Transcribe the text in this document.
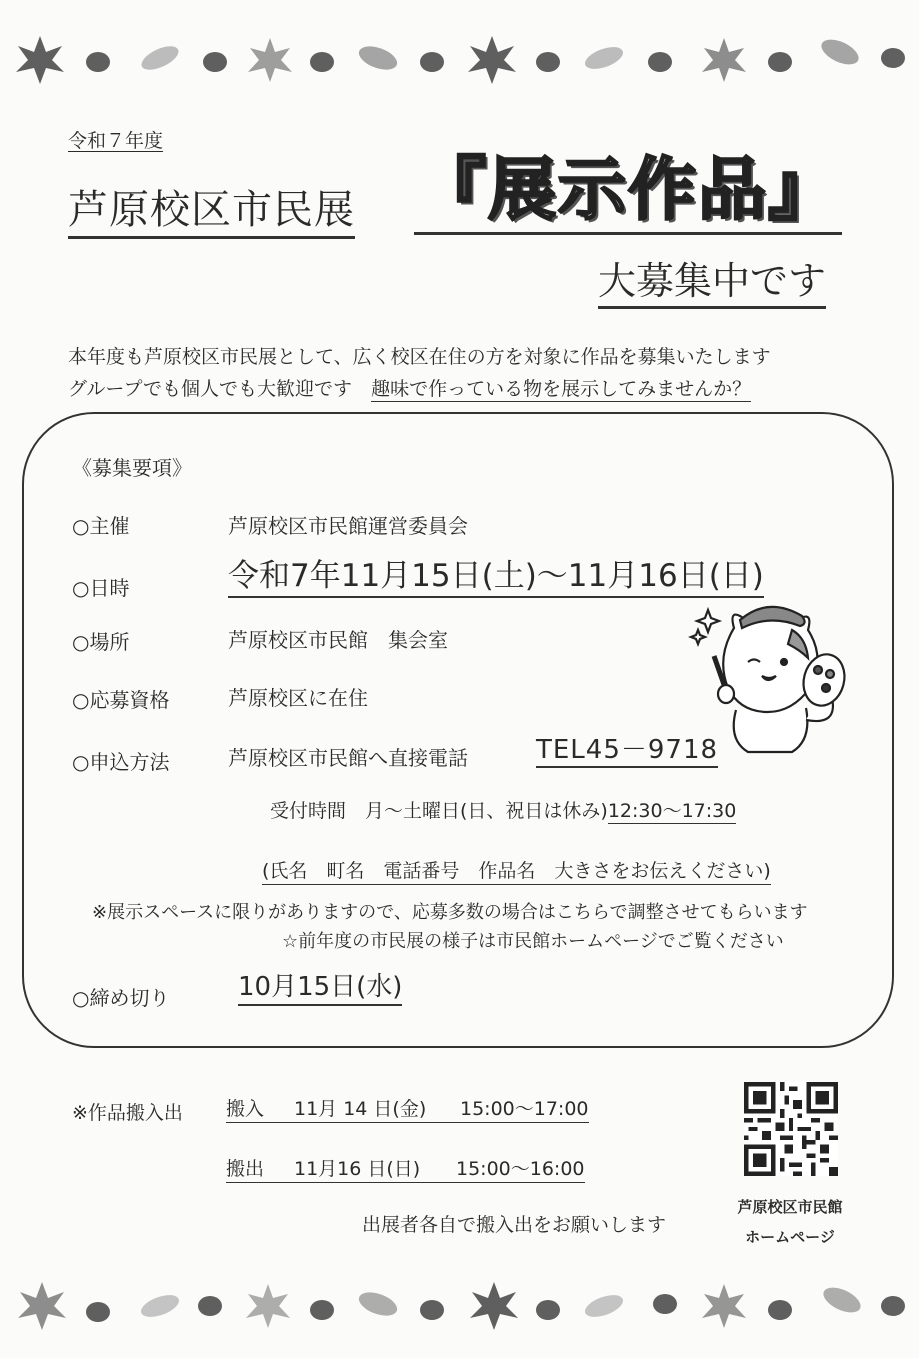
令和７年度
芦原校区市民展 『展示作品』
大募集中です
本年度も芦原校区市民展として、広く校区在住の方を対象に作品を募集いたします
グループでも個人でも大歓迎です　趣味で作っている物を展示してみませんか？
《募集要項》
○主催	芦原校区市民館運営委員会
○日時	令和7年11月15日(土)～11月16日(日)
○場所	芦原校区市民館　集会室
○応募資格	芦原校区に在住
○申込方法	芦原校区市民館へ直接電話	TEL45－9718
受付時間　月～土曜日(日、祝日は休み)12:30～17:30
(氏名　町名　電話番号　作品名　大きさをお伝えください)
※展示スペースに限りがありますので、応募多数の場合はこちらで調整させてもらいます
☆前年度の市民展の様子は市民館ホームページでご覧ください
○締め切り	10月15日(水)
※作品搬入出 搬入 11月 14 日(金) 15:00～17:00
搬出 11月16 日(日) 15:00～16:00
出展者各自で搬入出をお願いします
芦原校区市民館
ホームページ
